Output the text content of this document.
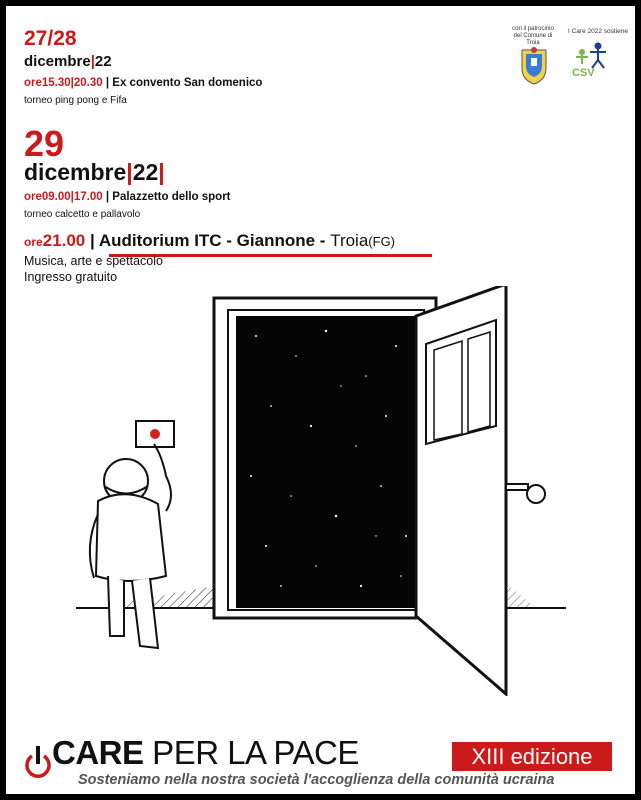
27/28
dicembre|22
ore15.30|20.30 | Ex convento San domenico
torneo ping pong e Fifa
29
dicembre|22|
ore09.00|17.00 | Palazzetto dello sport
torneo calcetto e pallavolo
ore21.00 | Auditorium ITC - Giannone - Troia(FG)
Musica, arte e spettacolo
Ingresso gratuito
con il patrocinio del Comune di Troia
I Care 2022 sostiene
CSV
CARE PER LA PACE	XIII edizione
Sosteniamo nella nostra società l'accoglienza della comunità ucraina
